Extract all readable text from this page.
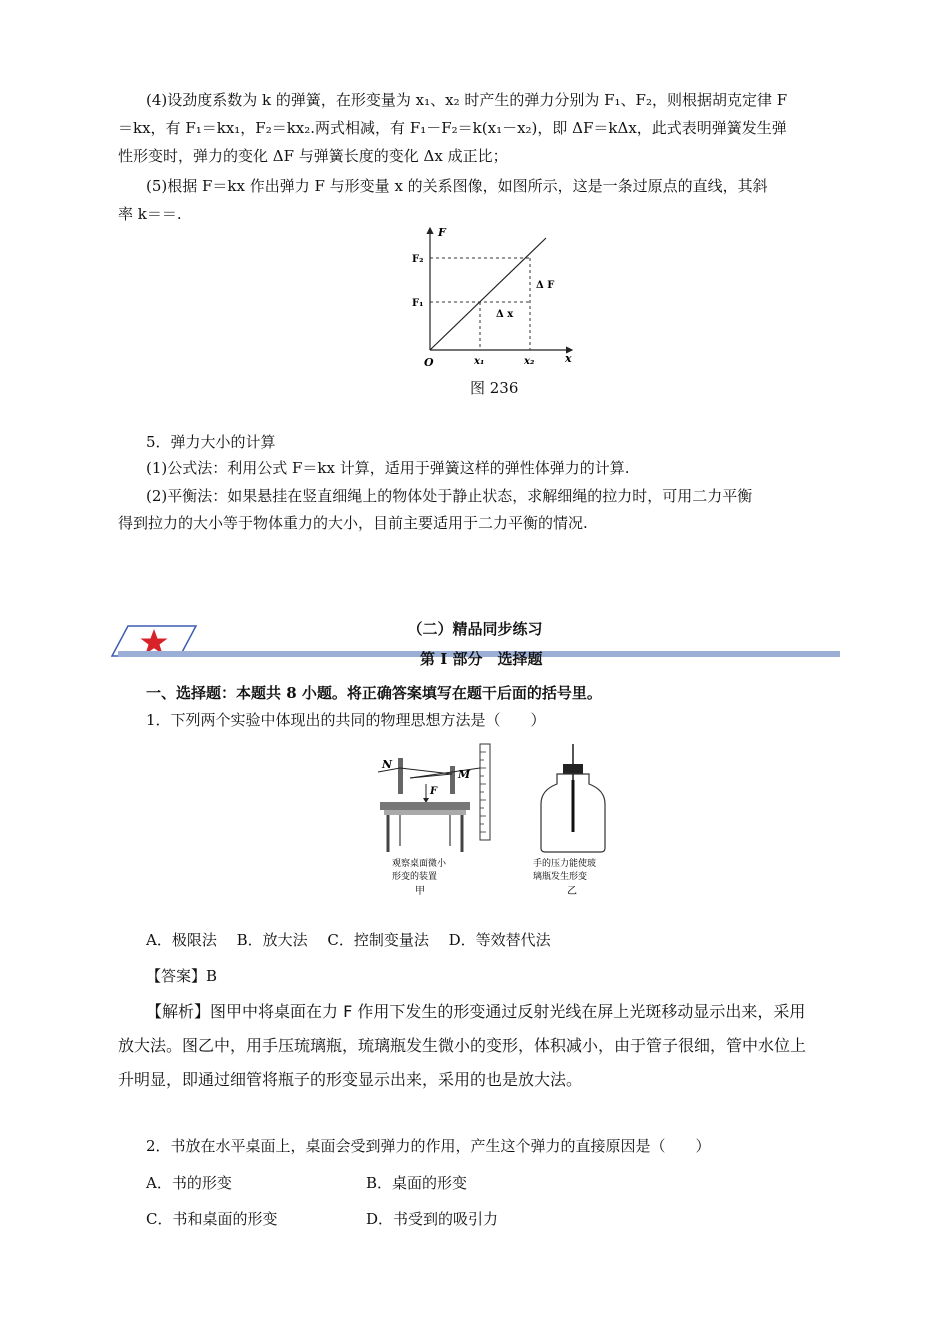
(4)设劲度系数为 k 的弹簧，在形变量为 x₁、x₂ 时产生的弹力分别为 F₁、F₂，则根据胡克定律 F
＝kx，有 F₁＝kx₁，F₂＝kx₂.两式相减，有 F₁－F₂＝k(x₁－x₂)，即 ΔF＝kΔx，此式表明弹簧发生弹
性形变时，弹力的变化 ΔF 与弹簧长度的变化 Δx 成正比；
(5)根据 F＝kx 作出弹力 F 与形变量 x 的关系图像，如图所示，这是一条过原点的直线，其斜
率 k＝＝.
F
x
O
F₂
F₁
x₁	x₂
Δ x
Δ F
图 236
5．弹力大小的计算
(1)公式法：利用公式 F＝kx 计算，适用于弹簧这样的弹性体弹力的计算.
(2)平衡法：如果悬挂在竖直细绳上的物体处于静止状态，求解细绳的拉力时，可用二力平衡
得到拉力的大小等于物体重力的大小，目前主要适用于二力平衡的情况.
（二）精品同步练习
第 I 部分　选择题
一、选择题：本题共 8 小题。将正确答案填写在题干后面的括号里。
1．下列两个实验中体现出的共同的物理思想方法是（　　）
N
M
F
观察桌面微小
形变的装置
甲
手的压力能使玻
璃瓶发生形变
乙
A．极限法　 B．放大法　 C．控制变量法　 D．等效替代法
【答案】B
【解析】图甲中将桌面在力 F 作用下发生的形变通过反射光线在屏上光斑移动显示出来，采用
放大法。图乙中，用手压琉璃瓶，琉璃瓶发生微小的变形，体积减小，由于管子很细，管中水位上
升明显，即通过细管将瓶子的形变显示出来，采用的也是放大法。
2．书放在水平桌面上，桌面会受到弹力的作用，产生这个弹力的直接原因是（　　）
A．书的形变	B．桌面的形变
C．书和桌面的形变	D．书受到的吸引力
